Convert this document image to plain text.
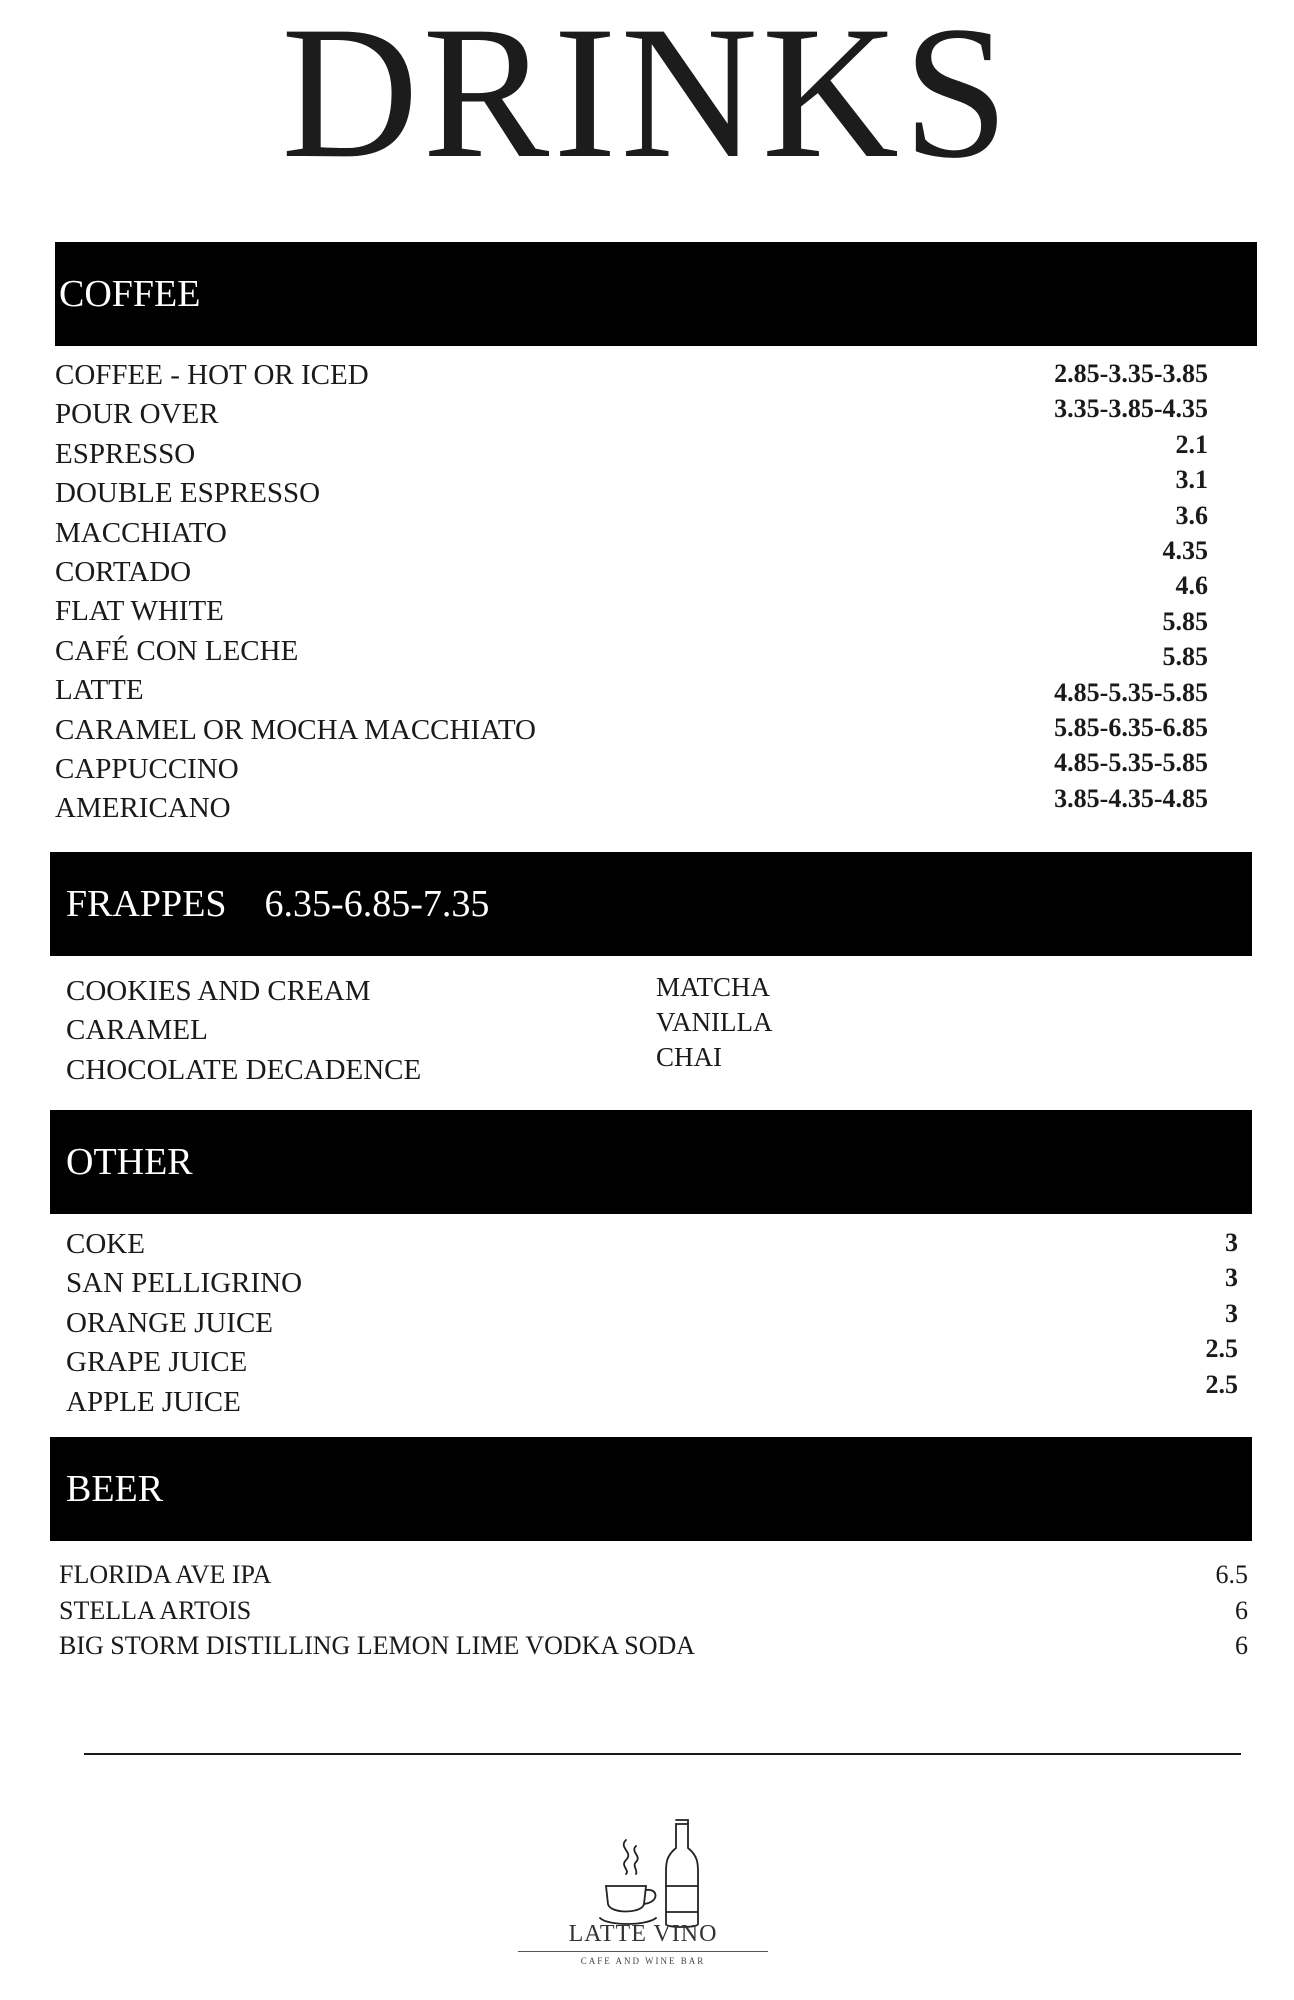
DRINKS
COFFEE
COFFEE - HOT OR ICED
POUR OVER
ESPRESSO
DOUBLE ESPRESSO
MACCHIATO
CORTADO
FLAT WHITE
CAFÉ CON LECHE
LATTE
CARAMEL OR MOCHA MACCHIATO
CAPPUCCINO
AMERICANO
2.85-3.35-3.85
3.35-3.85-4.35
2.1
3.1
3.6
4.35
4.6
5.85
5.85
4.85-5.35-5.85
5.85-6.35-6.85
4.85-5.35-5.85
3.85-4.35-4.85
FRAPPES 6.35-6.85-7.35
COOKIES AND CREAM
CARAMEL
CHOCOLATE DECADENCE
MATCHA
VANILLA
CHAI
OTHER
COKE
SAN PELLIGRINO
ORANGE JUICE
GRAPE JUICE
APPLE JUICE
3
3
3
2.5
2.5
BEER
FLORIDA AVE IPA
STELLA ARTOIS
BIG STORM DISTILLING LEMON LIME VODKA SODA
6.5
6
6
LATTE VINO
CAFE AND WINE BAR
